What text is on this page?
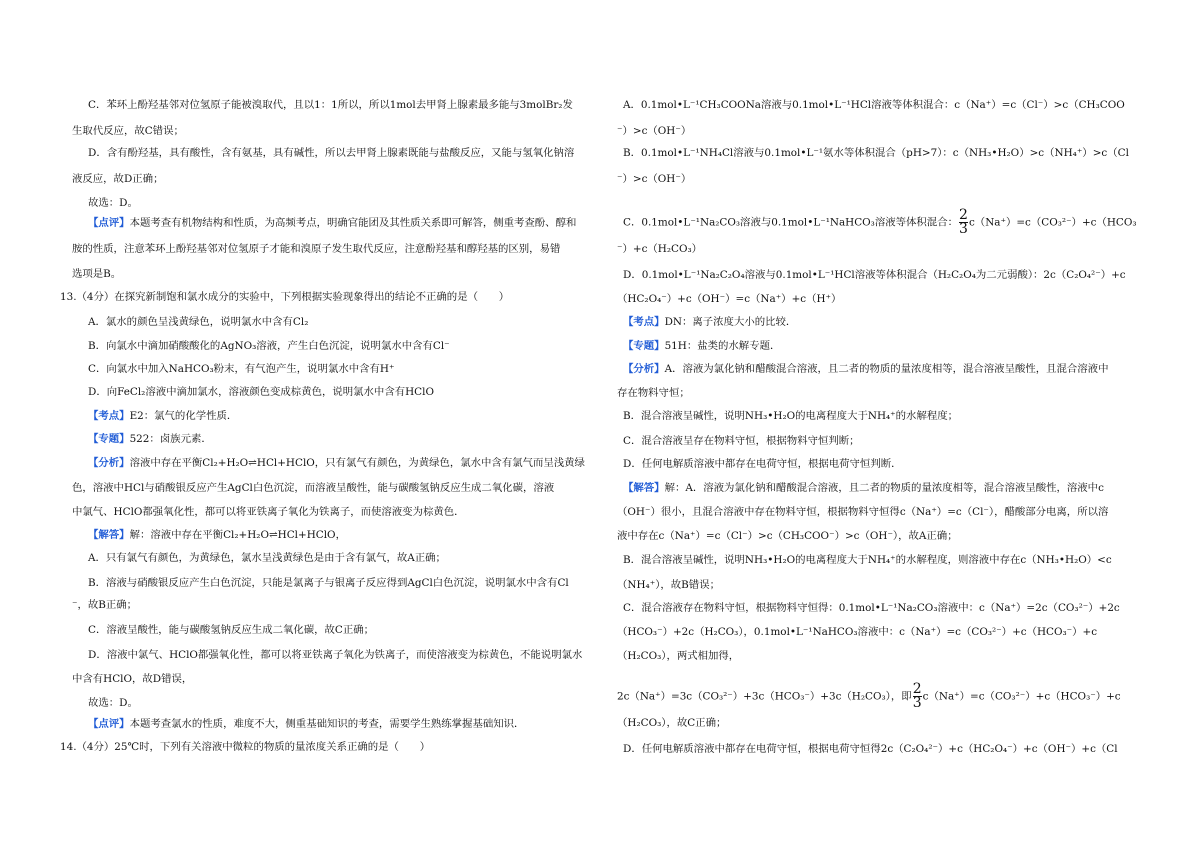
C．苯环上酚羟基邻对位氢原子能被溴取代，且以1：1所以，所以1mol去甲肾上腺素最多能与3molBr₂发
生取代反应，故C错误；
D．含有酚羟基，具有酸性，含有氨基，具有碱性，所以去甲肾上腺素既能与盐酸反应，又能与氢氧化钠溶
液反应，故D正确；
故选：D。
【点评】本题考查有机物结构和性质，为高频考点，明确官能团及其性质关系即可解答，侧重考查酚、醇和
胺的性质，注意苯环上酚羟基邻对位氢原子才能和溴原子发生取代反应，注意酚羟基和醇羟基的区别，易错
选项是B。
13.（4分）在探究新制饱和氯水成分的实验中，下列根据实验现象得出的结论不正确的是（　　）
A．氯水的颜色呈浅黄绿色，说明氯水中含有Cl₂
B．向氯水中滴加硝酸酸化的AgNO₃溶液，产生白色沉淀，说明氯水中含有Cl⁻
C．向氯水中加入NaHCO₃粉末，有气泡产生，说明氯水中含有H⁺
D．向FeCl₂溶液中滴加氯水，溶液颜色变成棕黄色，说明氯水中含有HClO
【考点】E2：氯气的化学性质．
【专题】522：卤族元素．
【分析】溶液中存在平衡Cl₂+H₂O⇌HCl+HClO，只有氯气有颜色，为黄绿色，氯水中含有氯气而呈浅黄绿
色，溶液中HCl与硝酸银反应产生AgCl白色沉淀，而溶液呈酸性，能与碳酸氢钠反应生成二氧化碳，溶液
中氯气、HClO都强氧化性，都可以将亚铁离子氧化为铁离子，而使溶液变为棕黄色．
【解答】解：溶液中存在平衡Cl₂+H₂O⇌HCl+HClO，
A．只有氯气有颜色，为黄绿色，氯水呈浅黄绿色是由于含有氯气，故A正确；
B．溶液与硝酸银反应产生白色沉淀，只能是氯离子与银离子反应得到AgCl白色沉淀，说明氯水中含有Cl
⁻，故B正确；
C．溶液呈酸性，能与碳酸氢钠反应生成二氧化碳，故C正确；
D．溶液中氯气、HClO都强氧化性，都可以将亚铁离子氧化为铁离子，而使溶液变为棕黄色，不能说明氯水
中含有HClO，故D错误，
故选：D。
【点评】本题考查氯水的性质，难度不大，侧重基础知识的考查，需要学生熟练掌握基础知识．
14.（4分）25℃时，下列有关溶液中微粒的物质的量浓度关系正确的是（　　）
A．0.1mol•L⁻¹CH₃COONa溶液与0.1mol•L⁻¹HCl溶液等体积混合：c（Na⁺）=c（Cl⁻）>c（CH₃COO
⁻）>c（OH⁻）
B．0.1mol•L⁻¹NH₄Cl溶液与0.1mol•L⁻¹氨水等体积混合（pH>7）：c（NH₃•H₂O）>c（NH₄⁺）>c（Cl
⁻）>c（OH⁻）
C．0.1mol•L⁻¹Na₂CO₃溶液与0.1mol•L⁻¹NaHCO₃溶液等体积混合： $\frac{2}{3} c(Na^+)=c(CO_3^{2-})+c(HCO_3$
⁻）+c（H₂CO₃）
D．0.1mol•L⁻¹Na₂C₂O₄溶液与0.1mol•L⁻¹HCl溶液等体积混合（H₂C₂O₄为二元弱酸）：2c（C₂O₄²⁻）+c
（HC₂O₄⁻）+c（OH⁻）=c（Na⁺）+c（H⁺）
【考点】DN：离子浓度大小的比较．
【专题】51H：盐类的水解专题．
【分析】A．溶液为氯化钠和醋酸混合溶液，且二者的物质的量浓度相等，混合溶液呈酸性，且混合溶液中
存在物料守恒；
B．混合溶液呈碱性，说明NH₃•H₂O的电离程度大于NH₄⁺的水解程度；
C．混合溶液呈存在物料守恒，根据物料守恒判断；
D．任何电解质溶液中都存在电荷守恒，根据电荷守恒判断．
【解答】解：A．溶液为氯化钠和醋酸混合溶液，且二者的物质的量浓度相等，混合溶液呈酸性，溶液中c
（OH⁻）很小，且混合溶液中存在物料守恒，根据物料守恒得c（Na⁺）=c（Cl⁻），醋酸部分电离，所以溶
液中存在c（Na⁺）=c（Cl⁻）>c（CH₃COO⁻）>c（OH⁻），故A正确；
B．混合溶液呈碱性，说明NH₃•H₂O的电离程度大于NH₄⁺的水解程度，则溶液中存在c（NH₃•H₂O）<c
（NH₄⁺），故B错误；
C．混合溶液存在物料守恒，根据物料守恒得：0.1mol•L⁻¹Na₂CO₃溶液中：c（Na⁺）=2c（CO₃²⁻）+2c
（HCO₃⁻）+2c（H₂CO₃），0.1mol•L⁻¹NaHCO₃溶液中：c（Na⁺）=c（CO₃²⁻）+c（HCO₃⁻）+c
（H₂CO₃），两式相加得，
2c（Na⁺）=3c（CO₃²⁻）+3c（HCO₃⁻）+3c（H₂CO₃），即 $\frac{2}{3} c(Na^+)=c(CO_3^{2-})+c(HCO_3^-)+c$
（H₂CO₃），故C正确；
D．任何电解质溶液中都存在电荷守恒，根据电荷守恒得2c（C₂O₄²⁻）+c（HC₂O₄⁻）+c（OH⁻）+c（Cl
